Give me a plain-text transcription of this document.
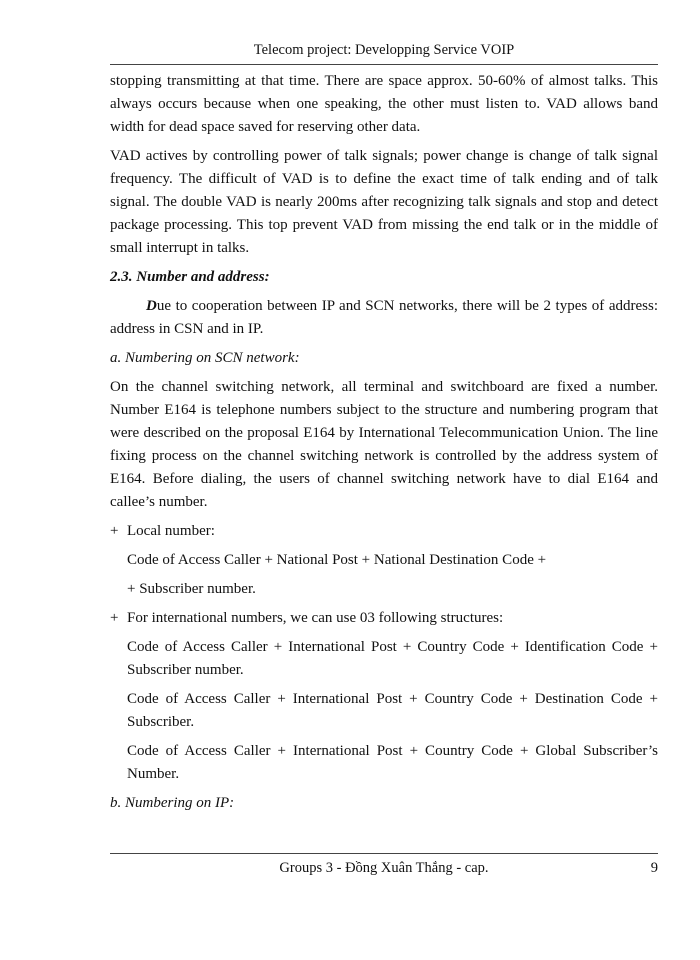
Telecom project: Developping Service VOIP

stopping transmitting at that time. There are space approx. 50-60% of almost talks. This always occurs because when one speaking, the other must listen to. VAD allows band width for dead space saved for reserving other data.

VAD actives by controlling power of talk signals; power change is change of talk signal frequency. The difficult of VAD is to define the exact time of talk ending and of talk signal. The double VAD is nearly 200ms after recognizing talk signals and stop and detect package processing. This top prevent VAD from missing the end talk or in the middle of small interrupt in talks.

2.3. Number and address:

Due to cooperation between IP and SCN networks, there will be 2 types of address: address in CSN and in IP.

a. Numbering on SCN network:

On the channel switching network, all terminal and switchboard are fixed a number. Number E164 is telephone numbers subject to the structure and numbering program that were described on the proposal E164 by International Telecommunication Union. The line fixing process on the channel switching network is controlled by the address system of E164. Before dialing, the users of channel switching network have to dial E164 and callee’s number.

+ Local number:

Code of Access Caller + National Post + National Destination Code +

+ Subscriber number.

+ For international numbers, we can use 03 following structures:

Code of Access Caller + International Post + Country Code + Identification Code + Subscriber number.

Code of Access Caller + International Post + Country Code + Destination Code + Subscriber.

Code of Access Caller + International Post + Country Code + Global Subscriber’s Number.

b. Numbering on IP:

Groups 3 - Đồng Xuân Thắng - cap.	9
